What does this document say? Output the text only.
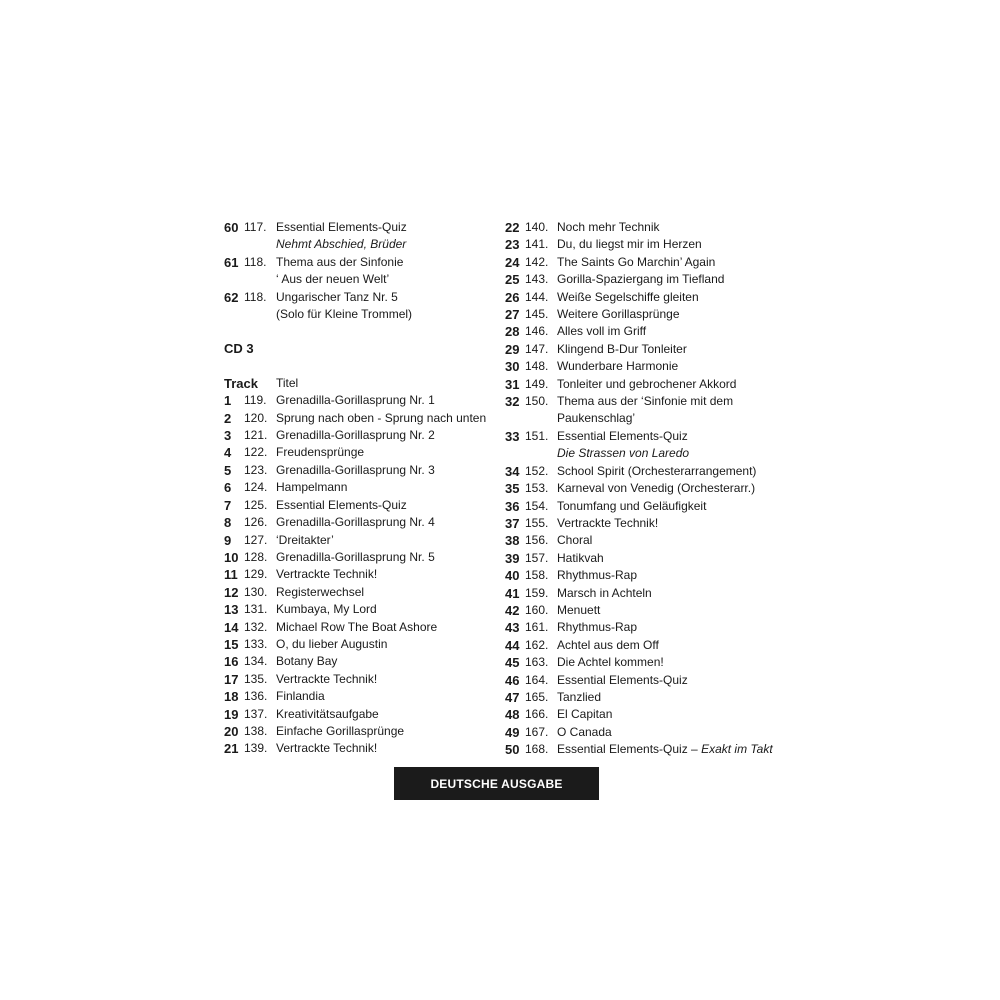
60 117. Essential Elements-Quiz
Nehmt Abschied, Brüder
61 118. Thema aus der Sinfonie
‘ Aus der neuen Welt’
62 118. Ungarischer Tanz Nr. 5
(Solo für Kleine Trommel)
CD 3
Track	Titel
1	119. Grenadilla-Gorillasprung Nr. 1
2	120. Sprung nach oben - Sprung nach unten
3	121. Grenadilla-Gorillasprung Nr. 2
4	122. Freudensprünge
5	123. Grenadilla-Gorillasprung Nr. 3
6	124. Hampelmann
7	125. Essential Elements-Quiz
8	126. Grenadilla-Gorillasprung Nr. 4
9	127. ‘Dreitakter’
10 128. Grenadilla-Gorillasprung Nr. 5
11 129. Vertrackte Technik!
12 130. Registerwechsel
13 131. Kumbaya, My Lord
14 132. Michael Row The Boat Ashore
15 133. O, du lieber Augustin
16 134. Botany Bay
17 135. Vertrackte Technik!
18 136. Finlandia
19 137. Kreativitätsaufgabe
20 138. Einfache Gorillasprünge
21 139. Vertrackte Technik!
22 140. Noch mehr Technik
23 141. Du, du liegst mir im Herzen
24 142. The Saints Go Marchin’ Again
25 143. Gorilla-Spaziergang im Tiefland
26 144. Weiße Segelschiffe gleiten
27 145. Weitere Gorillasprünge
28 146. Alles voll im Griff
29 147. Klingend B-Dur Tonleiter
30 148. Wunderbare Harmonie
31 149. Tonleiter und gebrochener Akkord
32 150. Thema aus der ‘Sinfonie mit dem
Paukenschlag’
33 151. Essential Elements-Quiz
Die Strassen von Laredo
34 152. School Spirit (Orchesterarrangement)
35 153. Karneval von Venedig (Orchesterarr.)
36 154. Tonumfang und Geläufigkeit
37 155. Vertrackte Technik!
38 156. Choral
39 157. Hatikvah
40 158. Rhythmus-Rap
41 159. Marsch in Achteln
42 160. Menuett
43 161. Rhythmus-Rap
44 162. Achtel aus dem Off
45 163. Die Achtel kommen!
46 164. Essential Elements-Quiz
47 165. Tanzlied
48 166. El Capitan
49 167. O Canada
50 168. Essential Elements-Quiz –
Exakt im Takt
DEUTSCHE AUSGABE
